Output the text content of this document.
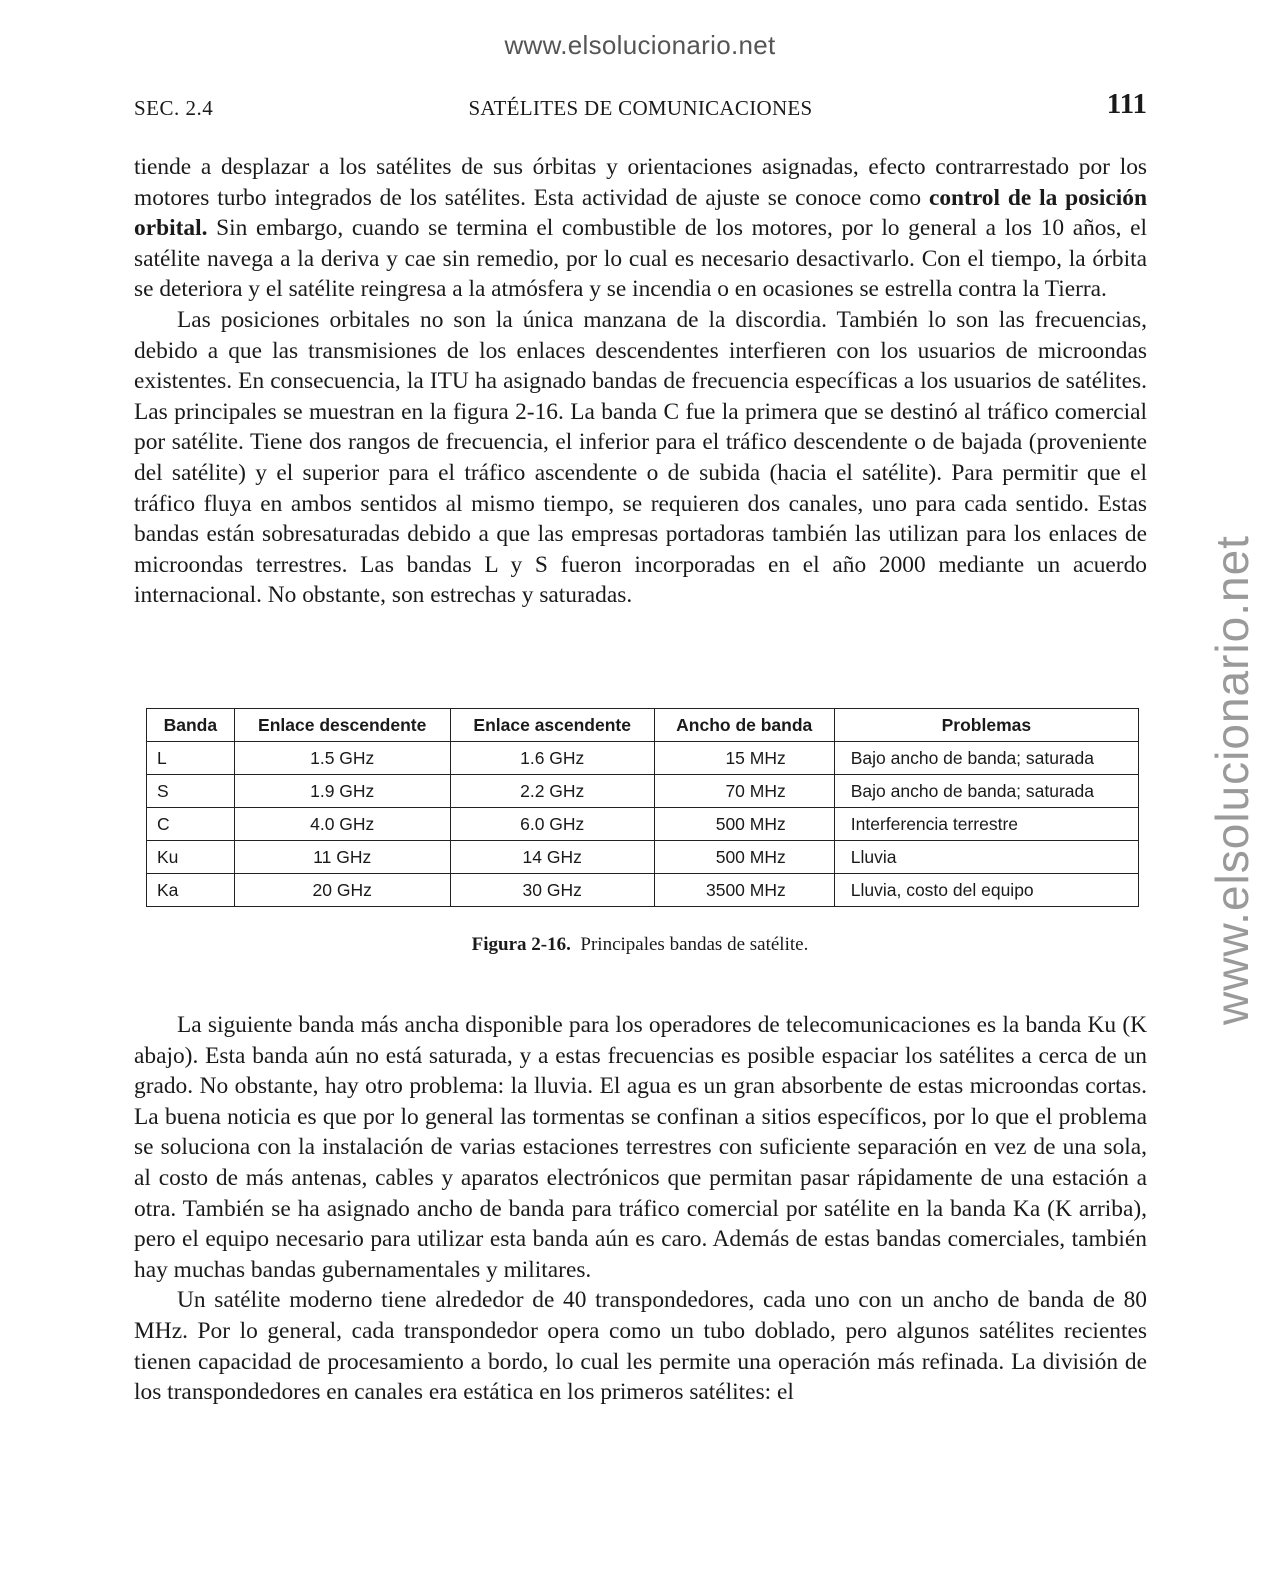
www.elsolucionario.net
www.elsolucionario.net
SEC. 2.4	SATÉLITES DE COMUNICACIONES	111

tiende a desplazar a los satélites de sus órbitas y orientaciones asignadas, efecto contrarrestado por los motores turbo integrados de los satélites. Esta actividad de ajuste se conoce como control de la posición orbital. Sin embargo, cuando se termina el combustible de los motores, por lo general a los 10 años, el satélite navega a la deriva y cae sin remedio, por lo cual es necesario desactivarlo. Con el tiempo, la órbita se deteriora y el satélite reingresa a la atmósfera y se incendia o en ocasiones se estrella contra la Tierra.

Las posiciones orbitales no son la única manzana de la discordia. También lo son las frecuencias, debido a que las transmisiones de los enlaces descendentes interfieren con los usuarios de microondas existentes. En consecuencia, la ITU ha asignado bandas de frecuencia específicas a los usuarios de satélites. Las principales se muestran en la figura 2-16. La banda C fue la primera que se destinó al tráfico comercial por satélite. Tiene dos rangos de frecuencia, el inferior para el tráfico descendente o de bajada (proveniente del satélite) y el superior para el tráfico ascendente o de subida (hacia el satélite). Para permitir que el tráfico fluya en ambos sentidos al mismo tiempo, se requieren dos canales, uno para cada sentido. Estas bandas están sobresaturadas debido a que las empresas portadoras también las utilizan para los enlaces de microondas terrestres. Las bandas L y S fueron incorporadas en el año 2000 mediante un acuerdo internacional. No obstante, son estrechas y saturadas.

Banda	Enlace descendente	Enlace ascendente	Ancho de banda	Problemas
L	1.5 GHz	1.6 GHz	15 MHz	Bajo ancho de banda; saturada
S	1.9 GHz	2.2 GHz	70 MHz	Bajo ancho de banda; saturada
C	4.0 GHz	6.0 GHz	500 MHz	Interferencia terrestre
Ku	11 GHz	14 GHz	500 MHz	Lluvia
Ka	20 GHz	30 GHz	3500 MHz	Lluvia, costo del equipo
Figura 2-16. Principales bandas de satélite.

La siguiente banda más ancha disponible para los operadores de telecomunicaciones es la banda Ku (K abajo). Esta banda aún no está saturada, y a estas frecuencias es posible espaciar los satélites a cerca de un grado. No obstante, hay otro problema: la lluvia. El agua es un gran absorbente de estas microondas cortas. La buena noticia es que por lo general las tormentas se confinan a sitios específicos, por lo que el problema se soluciona con la instalación de varias estaciones terrestres con suficiente separación en vez de una sola, al costo de más antenas, cables y aparatos electrónicos que permitan pasar rápidamente de una estación a otra. También se ha asignado ancho de banda para tráfico comercial por satélite en la banda Ka (K arriba), pero el equipo necesario para utilizar esta banda aún es caro. Además de estas bandas comerciales, también hay muchas bandas gubernamentales y militares.

Un satélite moderno tiene alrededor de 40 transpondedores, cada uno con un ancho de banda de 80 MHz. Por lo general, cada transpondedor opera como un tubo doblado, pero algunos satélites recientes tienen capacidad de procesamiento a bordo, lo cual les permite una operación más refinada. La división de los transpondedores en canales era estática en los primeros satélites: el
